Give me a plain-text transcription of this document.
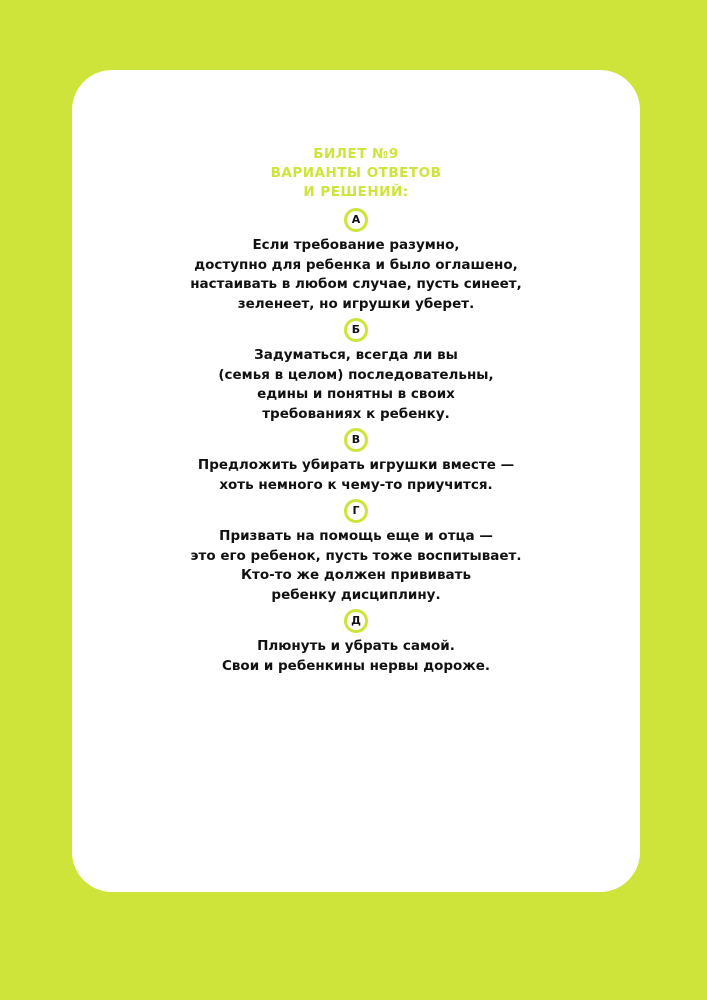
БИЛЕТ №9
ВАРИАНТЫ ОТВЕТОВ
И РЕШЕНИЙ:
А
Если требование разумно,
доступно для ребенка и было оглашено,
настаивать в любом случае, пусть синеет,
зеленеет, но игрушки уберет.
Б
Задуматься, всегда ли вы
(семья в целом) последовательны,
едины и понятны в своих
требованиях к ребенку.
В
Предложить убирать игрушки вместе —
хоть немного к чему-то приучится.
Г
Призвать на помощь еще и отца —
это его ребенок, пусть тоже воспитывает.
Кто-то же должен прививать
ребенку дисциплину.
Д
Плюнуть и убрать самой.
Свои и ребенкины нервы дороже.
